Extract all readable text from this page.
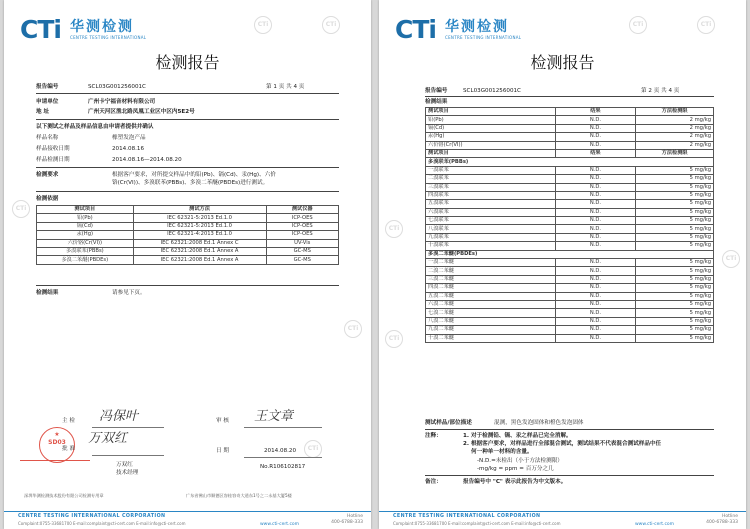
CTi 华测检测
CENTRE TESTING INTERNATIONAL
CTi	CTi
CTi
CTi
CTi
检测报告
报告编号	SCL03G001256001C	第 1 页 共 4 页
申请单位	广州卡宁福音材料有限公司
地 址	广州天河区渔北路凤凰工业区中区内5E2号
以下测试之样品及样品信息由申请者提供并确认
样品名称	橡塑发泡产品
样品接收日期	2014.08.16
样品检测日期	2014.08.16—2014.08.20
检测要求	根据客户要求，对所提交样品中的铅(Pb)、镉(Cd)、汞(Hg)、六价
铬(Cr(VI))、多溴联苯(PBBs)、多溴二苯醚(PBDEs)进行测试。
检测依据
测试项目	测试方法	测试仪器
铅(Pb)	IEC 62321-5:2013 Ed.1.0	ICP-OES
镉(Cd)	IEC 62321-5:2013 Ed.1.0	ICP-OES
汞(Hg)	IEC 62321-4:2013 Ed.1.0	ICP-OES
六价铬(Cr(VI))	IEC 62321:2008 Ed.1 Annex C	UV-Vis
多溴联苯(PBBs)	IEC 62321:2008 Ed.1 Annex A	GC-MS
多溴二苯醚(PBDEs)	IEC 62321:2008 Ed.1 Annex A	GC-MS
检测结果	请参见下页。
主 检 冯保叶	审 核 王文章
★
SD03	万双红
批 准	日 期	2014.08.20
万双红
技术经理
No.R106102817
深圳华测检测技术股份有限公司检测专用章	广东省佛山市顺德区容桂容奇大道东1号之二永基大厦5楼
CENTRE TESTING INTERNATIONAL CORPORATION
Complaint:0755-33681700 E-mail:complaint@cti-cert.com E-mail:info@cti-cert.com
Hotline
400-6788-333
www.cti-cert.com
CTi 华测检测
CENTRE TESTING INTERNATIONAL
CTi	CTi
CTi
CTi
CTi
检测报告
报告编号	SCL03G001256001C	第 2 页 共 4 页
检测结果
测试项目	结果	方法检测限
铅(Pb)	N.D.	2 mg/kg
镉(Cd)	N.D.	2 mg/kg
汞(Hg)	N.D.	2 mg/kg
六价铬(Cr(VI))	N.D.	2 mg/kg
测试项目	结果	方法检测限
多溴联苯(PBBs)		
一溴联苯	N.D.	5 mg/kg
二溴联苯	N.D.	5 mg/kg
三溴联苯	N.D.	5 mg/kg
四溴联苯	N.D.	5 mg/kg
五溴联苯	N.D.	5 mg/kg
六溴联苯	N.D.	5 mg/kg
七溴联苯	N.D.	5 mg/kg
八溴联苯	N.D.	5 mg/kg
九溴联苯	N.D.	5 mg/kg
十溴联苯	N.D.	5 mg/kg
多溴二苯醚(PBDEs)		
一溴二苯醚	N.D.	5 mg/kg
二溴二苯醚	N.D.	5 mg/kg
三溴二苯醚	N.D.	5 mg/kg
四溴二苯醚	N.D.	5 mg/kg
五溴二苯醚	N.D.	5 mg/kg
六溴二苯醚	N.D.	5 mg/kg
七溴二苯醚	N.D.	5 mg/kg
八溴二苯醚	N.D.	5 mg/kg
九溴二苯醚	N.D.	5 mg/kg
十溴二苯醚	N.D.	5 mg/kg
测试样品/部位描述	混测，黑色发泡固体和橙色发泡固体
注释：	1. 对于检测铅、镉、汞之样品已完全消解。
2. 根据客户要求，对样品进行全部混合测试，测试结果不代表混合测试样品中任
何一种单一材料的含量。
-N.D.=未检出（小于方法检测限）
-mg/kg = ppm = 百万分之几
备注：	报告编号中 "C" 表示此报告为中文版本。
CENTRE TESTING INTERNATIONAL CORPORATION
Complaint:0755-33681700 E-mail:complaint@cti-cert.com E-mail:info@cti-cert.com
Hotline
400-6788-333
www.cti-cert.com
